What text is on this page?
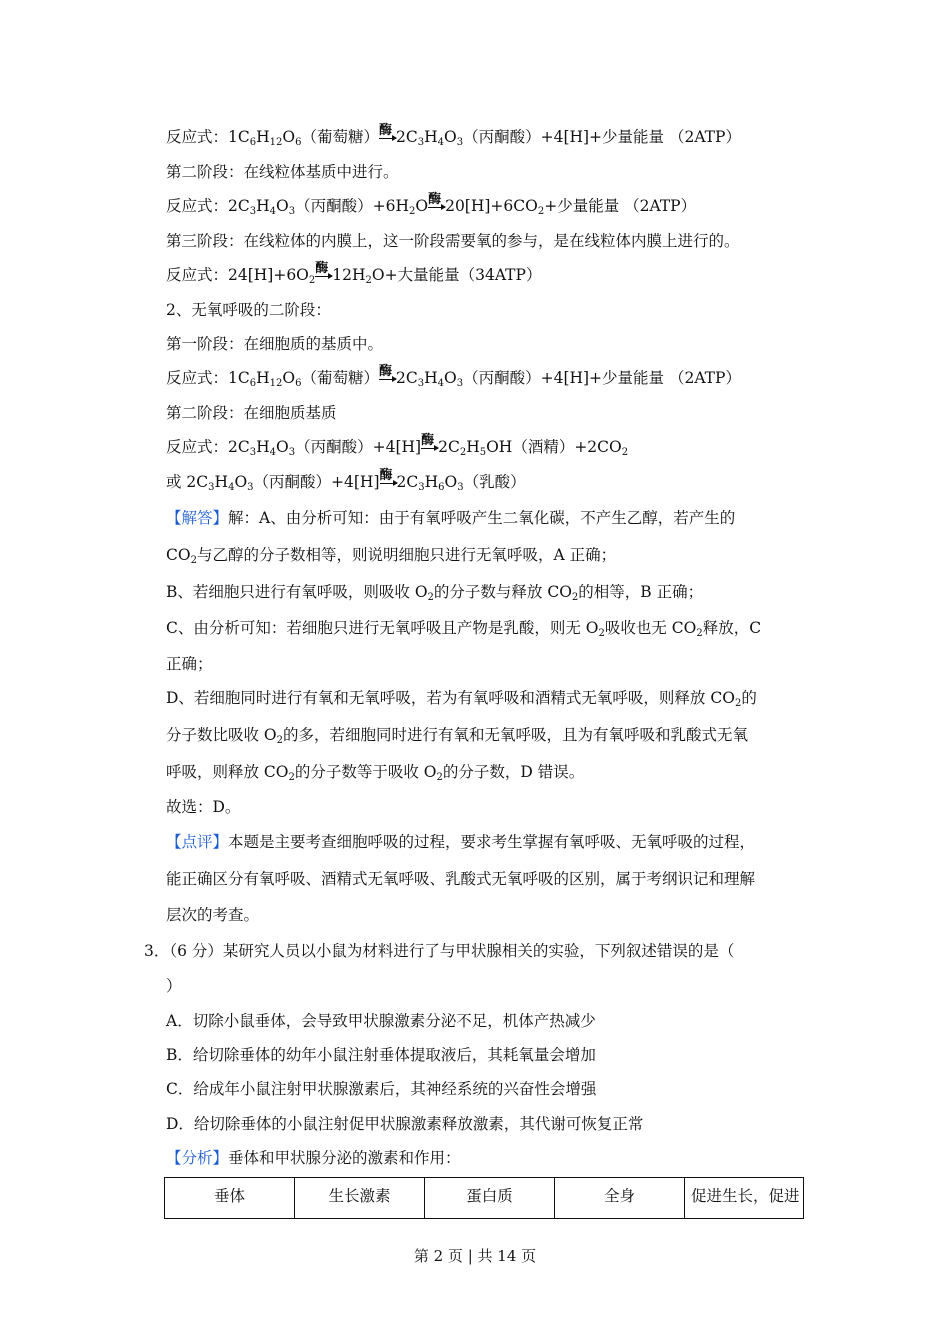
反应式：$1C_6H_{12}O_6$（葡萄糖） 酶 $2C_3H_4O_3$（丙酮酸）+4[H]+少量能量 （2ATP）
第二阶段：在线粒体基质中进行。
反应式：$2C_3H_4O_3$（丙酮酸）$+6H_2O$ 酶 $20[H]+6CO_2+$少量能量 （2ATP）
第三阶段：在线粒体的内膜上，这一阶段需要氧的参与，是在线粒体内膜上进行的。
反应式：$24[H]+6O_2$
酶 $12H_2O+$大量能量（34ATP）
2、无氧呼吸的二阶段：
第一阶段：在细胞质的基质中。
反应式：$1C_6H_{12}O_6$（葡萄糖） 酶 $2C_3H_4O_3$（丙酮酸）+4[H]+少量能量 （2ATP）
第二阶段：在细胞质基质
反应式：$2C_3H_4O_3$（丙酮酸）+4[H] 酶 $2C_2H_5OH$（酒精）$+2CO_2$
或 $2C_3H_4O_3$（丙酮酸）+4[H] 酶 $2C_3H_6O_3$（乳酸）
【解答】解：A、由分析可知：由于有氧呼吸产生二氧化碳，不产生乙醇，若产生的
$CO_2$与乙醇的分子数相等，则说明细胞只进行无氧呼吸，A 正确；
B、若细胞只进行有氧呼吸，则吸收 $O_2$的分子数与释放 $CO_2$的相等，B 正确；
C、由分析可知：若细胞只进行无氧呼吸且产物是乳酸，则无 $O_2$吸收也无 $CO_2$释放，C
正确；
D、若细胞同时进行有氧和无氧呼吸，若为有氧呼吸和酒精式无氧呼吸，则释放 $CO_2$的
分子数比吸收 $O_2$的多，若细胞同时进行有氧和无氧呼吸，且为有氧呼吸和乳酸式无氧
呼吸，则释放 $CO_2$的分子数等于吸收 $O_2$的分子数，D 错误。
故选：D。
【点评】本题是主要考查细胞呼吸的过程，要求考生掌握有氧呼吸、无氧呼吸的过程，
能正确区分有氧呼吸、酒精式无氧呼吸、乳酸式无氧呼吸的区别，属于考纲识记和理解
层次的考查。
3．（6 分）某研究人员以小鼠为材料进行了与甲状腺相关的实验，下列叙述错误的是（
）
A．切除小鼠垂体，会导致甲状腺激素分泌不足，机体产热减少
B．给切除垂体的幼年小鼠注射垂体提取液后，其耗氧量会增加
C．给成年小鼠注射甲状腺激素后，其神经系统的兴奋性会增强
D．给切除垂体的小鼠注射促甲状腺激素释放激素，其代谢可恢复正常
【分析】垂体和甲状腺分泌的激素和作用：
垂体	生长激素	蛋白质	全身	促进生长，促进
第 2 页 | 共 14 页
